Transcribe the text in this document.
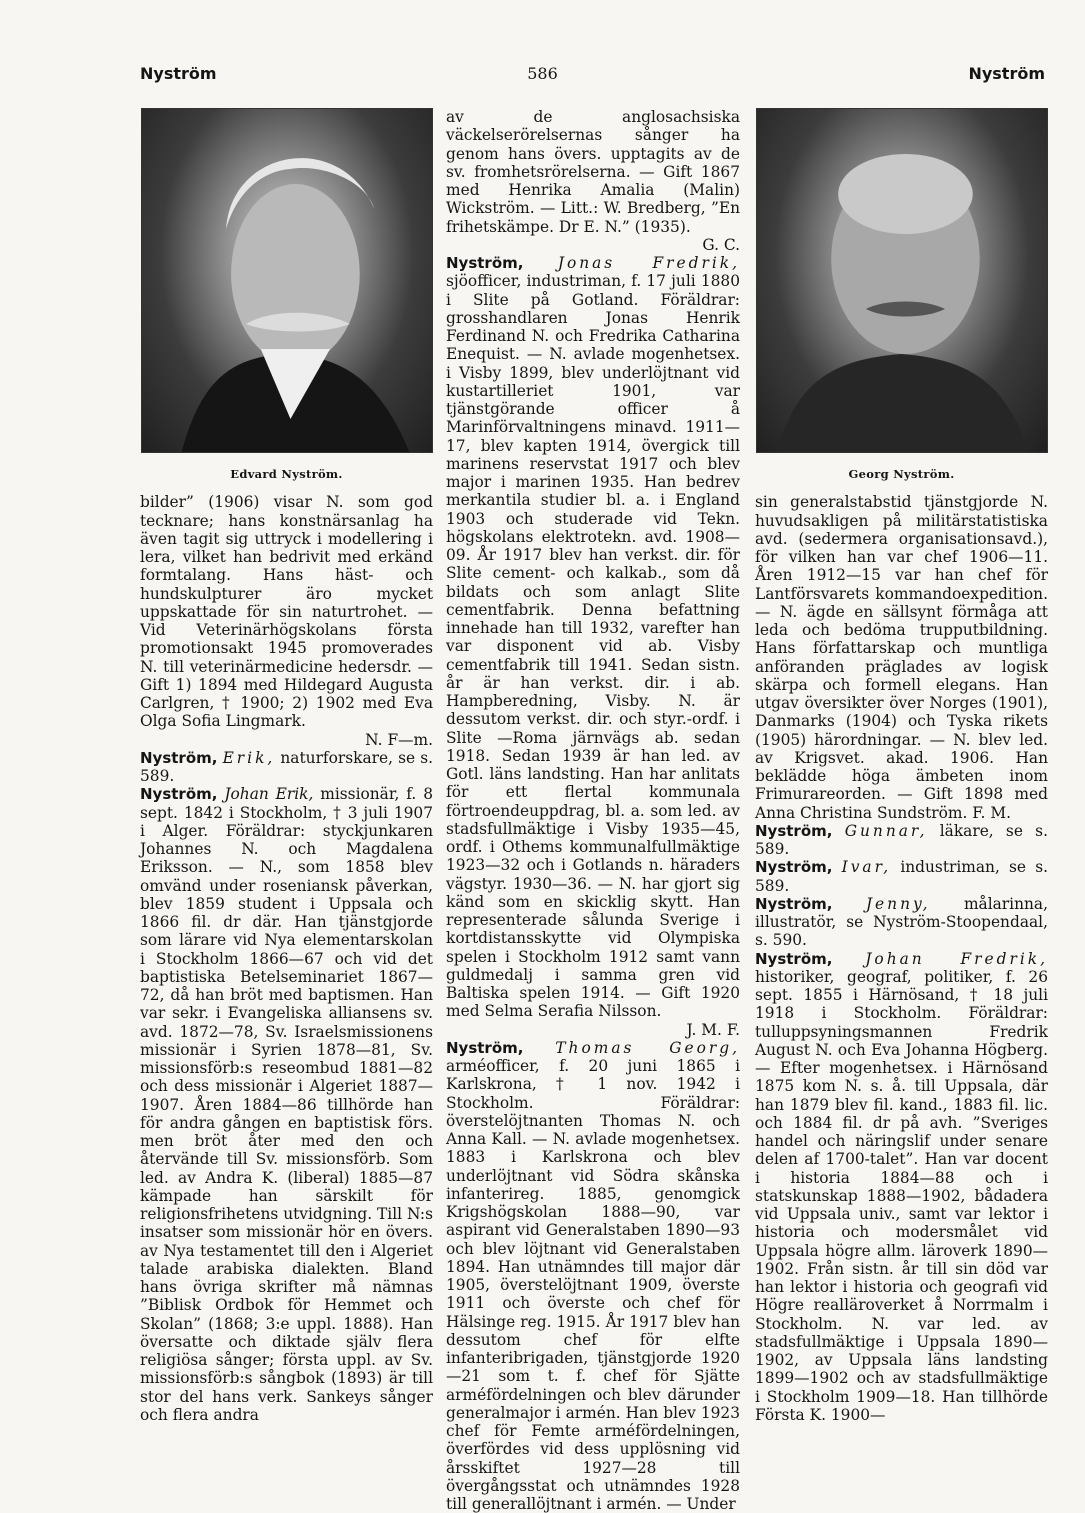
Nyström	586	Nyström
Edvard Nyström.

bilder” (1906) visar N. som god tecknare; hans konstnärsanlag ha även tagit sig uttryck i modellering i lera, vilket han bedrivit med erkänd formtalang. Hans häst- och hundskulpturer äro mycket uppskattade för sin naturtrohet. — Vid Veterinärhögskolans första promotionsakt 1945 promoverades N. till veterinärmedicine hedersdr. — Gift 1) 1894 med Hildegard Augusta Carlgren, † 1900; 2) 1902 med Eva Olga Sofia Lingmark.

N. F—m.

Nyström, Erik, naturforskare, se s. 589.

Nyström, Johan Erik, missionär, f. 8 sept. 1842 i Stockholm, † 3 juli 1907 i Alger. Föräldrar: styckjunkaren Johannes N. och Magdalena Eriksson. — N., som 1858 blev omvänd under roseniansk påverkan, blev 1859 student i Uppsala och 1866 fil. dr där. Han tjänstgjorde som lärare vid Nya elementarskolan i Stockholm 1866—67 och vid det baptistiska Betelseminariet 1867—72, då han bröt med baptismen. Han var sekr. i Evangeliska alliansens sv. avd. 1872—78, Sv. Israelsmissionens missionär i Syrien 1878—81, Sv. missionsförb:s reseombud 1881—82 och dess missionär i Algeriet 1887—1907. Åren 1884—86 tillhörde han för andra gången en baptistisk förs. men bröt åter med den och återvände till Sv. missionsförb. Som led. av Andra K. (liberal) 1885—87 kämpade han särskilt för religionsfrihetens utvidgning. Till N:s insatser som missionär hör en övers. av Nya testamentet till den i Algeriet talade arabiska dialekten. Bland hans övriga skrifter må nämnas ”Biblisk Ordbok för Hemmet och Skolan” (1868; 3:e uppl. 1888). Han översatte och diktade själv flera religiösa sånger; första uppl. av Sv. missionsförb:s sångbok (1893) är till stor del hans verk. Sankeys sånger och flera andra

av de anglosachsiska väckelserörelsernas sånger ha genom hans övers. upptagits av de sv. fromhetsrörelserna. — Gift 1867 med Henrika Amalia (Malin) Wickström. — Litt.: W. Bredberg, ”En frihetskämpe. Dr E. N.” (1935).

G. C.

Nyström, Jonas Fredrik, sjöofficer, industriman, f. 17 juli 1880 i Slite på Gotland. Föräldrar: grosshandlaren Jonas Henrik Ferdinand N. och Fredrika Catharina Enequist. — N. avlade mogenhetsex. i Visby 1899, blev underlöjtnant vid kustartilleriet 1901, var tjänstgörande officer å Marinförvaltningens minavd. 1911—17, blev kapten 1914, övergick till marinens reservstat 1917 och blev major i marinen 1935. Han bedrev merkantila studier bl. a. i England 1903 och studerade vid Tekn. högskolans elektrotekn. avd. 1908—09. År 1917 blev han verkst. dir. för Slite cement- och kalkab., som då bildats och som anlagt Slite cementfabrik. Denna befattning innehade han till 1932, varefter han var disponent vid ab. Visby cementfabrik till 1941. Sedan sistn. år är han verkst. dir. i ab. Hampberedning, Visby. N. är dessutom verkst. dir. och styr.-ordf. i Slite —Roma järnvägs ab. sedan 1918. Sedan 1939 är han led. av Gotl. läns landsting. Han har anlitats för ett flertal kommunala förtroendeuppdrag, bl. a. som led. av stadsfullmäktige i Visby 1935—45, ordf. i Othems kommunalfullmäktige 1923—32 och i Gotlands n. häraders vägstyr. 1930—36. — N. har gjort sig känd som en skicklig skytt. Han representerade sålunda Sverige i kortdistansskytte vid Olympiska spelen i Stockholm 1912 samt vann guldmedalj i samma gren vid Baltiska spelen 1914. — Gift 1920 med Selma Serafia Nilsson.

J. M. F.

Nyström, Thomas Georg, arméofficer, f. 20 juni 1865 i Karlskrona, † 1 nov. 1942 i Stockholm. Föräldrar: överstelöjtnanten Thomas N. och Anna Kall. — N. avlade mogenhetsex. 1883 i Karlskrona och blev underlöjtnant vid Södra skånska infanterireg. 1885, genomgick Krigshögskolan 1888—90, var aspirant vid Generalstaben 1890—93 och blev löjtnant vid Generalstaben 1894. Han utnämndes till major där 1905, överstelöjtnant 1909, överste 1911 och överste och chef för Hälsinge reg. 1915. År 1917 blev han dessutom chef för elfte infanteribrigaden, tjänstgjorde 1920—21 som t. f. chef för Sjätte arméfördelningen och blev därunder generalmajor i armén. Han blev 1923 chef för Femte arméfördelningen, överfördes vid dess upplösning vid årsskiftet 1927—28 till övergångsstat och utnämndes 1928 till generallöjtnant i armén. — Under

Georg Nyström.

sin generalstabstid tjänstgjorde N. huvudsakligen på militärstatistiska avd. (sedermera organisationsavd.), för vilken han var chef 1906—11. Åren 1912—15 var han chef för Lantförsvarets kommandoexpedition. — N. ägde en sällsynt förmåga att leda och bedöma trupputbildning. Hans författarskap och muntliga anföranden präglades av logisk skärpa och formell elegans. Han utgav översikter över Norges (1901), Danmarks (1904) och Tyska rikets (1905) härordningar. — N. blev led. av Krigsvet. akad. 1906. Han beklädde höga ämbeten inom Frimurareorden. — Gift 1898 med Anna Christina Sundström. F. M.

Nyström, Gunnar, läkare, se s. 589.

Nyström, Ivar, industriman, se s. 589.

Nyström, Jenny, målarinna, illustratör, se Nyström-Stoopendaal, s. 590.

Nyström, Johan Fredrik, historiker, geograf, politiker, f. 26 sept. 1855 i Härnösand, † 18 juli 1918 i Stockholm. Föräldrar: tulluppsyningsmannen Fredrik August N. och Eva Johanna Högberg. — Efter mogenhetsex. i Härnösand 1875 kom N. s. å. till Uppsala, där han 1879 blev fil. kand., 1883 fil. lic. och 1884 fil. dr på avh. ”Sveriges handel och näringslif under senare delen af 1700-talet”. Han var docent i historia 1884—88 och i statskunskap 1888—1902, bådadera vid Uppsala univ., samt var lektor i historia och modersmålet vid Uppsala högre allm. läroverk 1890—1902. Från sistn. år till sin död var han lektor i historia och geografi vid Högre realläroverket å Norrmalm i Stockholm. N. var led. av stadsfullmäktige i Uppsala 1890—1902, av Uppsala läns landsting 1899—1902 och av stadsfullmäktige i Stockholm 1909—18. Han tillhörde Första K. 1900—
